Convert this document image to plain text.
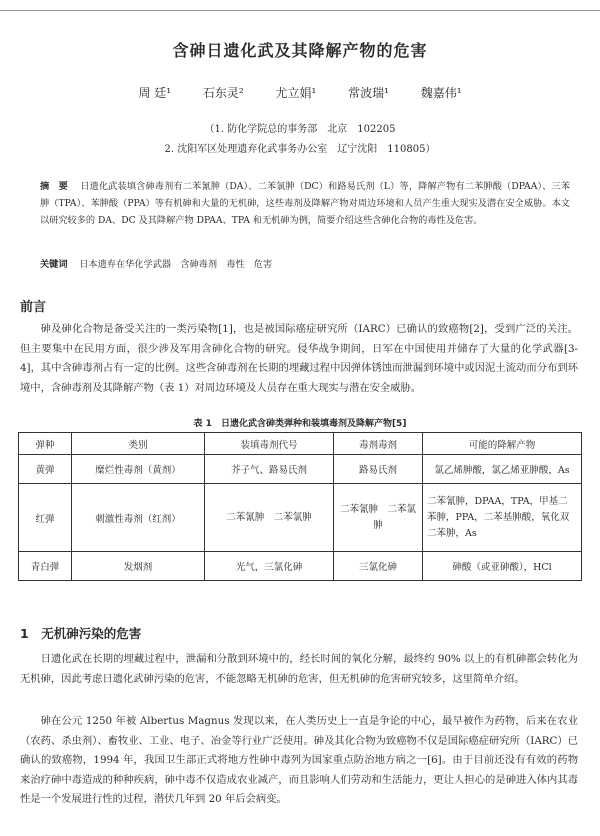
含砷日遗化武及其降解产物的危害
周 廷¹	石东灵²	尤立娟¹	常波瑞¹	魏嘉伟¹
（1. 防化学院总的事务部　北京　102205
2. 沈阳军区处理遗弃化武事务办公室　辽宁沈阳　110805）
摘　要 日遗化武装填含砷毒剂有二苯氰胂（DA）、二苯氯胂（DC）和路易氏剂（L）等，降解产物有二苯胂酸（DPAA）、三苯胂（TPA）、苯胂酸（PPA）等有机砷和大量的无机砷，这些毒剂及降解产物对周边环境和人员产生重大现实及潜在安全威胁。本文以研究较多的 DA、DC 及其降解产物 DPAA、TPA 和无机砷为例，简要介绍这些含砷化合物的毒性及危害。
关键词 日本遗弃在华化学武器　含砷毒剂　毒性　危害
前言
砷及砷化合物是备受关注的一类污染物[1]，也是被国际癌症研究所（IARC）已确认的致癌物[2]，受到广泛的关注。但主要集中在民用方面，很少涉及军用含砷化合物的研究。侵华战争期间，日军在中国使用并储存了大量的化学武器[3-4]，其中含砷毒剂占有一定的比例。这些含砷毒剂在长期的埋藏过程中因弹体锈蚀而泄漏到环境中或因泥土流动而分布到环境中，含砷毒剂及其降解产物（表 1）对周边环境及人员存在重大现实与潜在安全威胁。
表 1　日遗化武含砷类弹种和装填毒剂及降解产物[5]
弹种	类别	装填毒剂代号	毒剂毒剂	可能的降解产物
黄弹	糜烂性毒剂（黄剂）	芥子气、路易氏剂	路易氏剂	氯乙烯胂酸，氯乙烯亚胂酸，As
红弹	刺激性毒剂（红剂）	二苯氰胂　二苯氯胂	二苯氰胂　二苯氯胂	二苯氰胂，DPAA，TPA，甲基二苯胂，PPA，二苯基胂酸，氧化双二苯胂，As
青白弹	发烟剂	光气，三氯化砷	三氯化砷	砷酸（或亚砷酸），HCl
1　无机砷污染的危害
日遗化武在长期的埋藏过程中，泄漏和分散到环境中的，经长时间的氧化分解，最终约 90% 以上的有机砷都会转化为无机砷，因此考虑日遗化武砷污染的危害，不能忽略无机砷的危害，但无机砷的危害研究较多，这里简单介绍。
砷在公元 1250 年被 Albertus Magnus 发现以来，在人类历史上一直是争论的中心，最早被作为药物，后来在农业（农药、杀虫剂）、畜牧业、工业、电子、冶金等行业广泛使用。砷及其化合物为致癌物不仅是国际癌症研究所（IARC）已确认的致癌物，1994 年，我国卫生部正式将地方性砷中毒列为国家重点防治地方病之一[6]。由于目前还没有有效的药物来治疗砷中毒造成的种种疾病，砷中毒不仅造成农业减产，而且影响人们劳动和生活能力，更让人担心的是砷进入体内其毒性是一个发展进行性的过程，潜伏几年到 20 年后会病变。
